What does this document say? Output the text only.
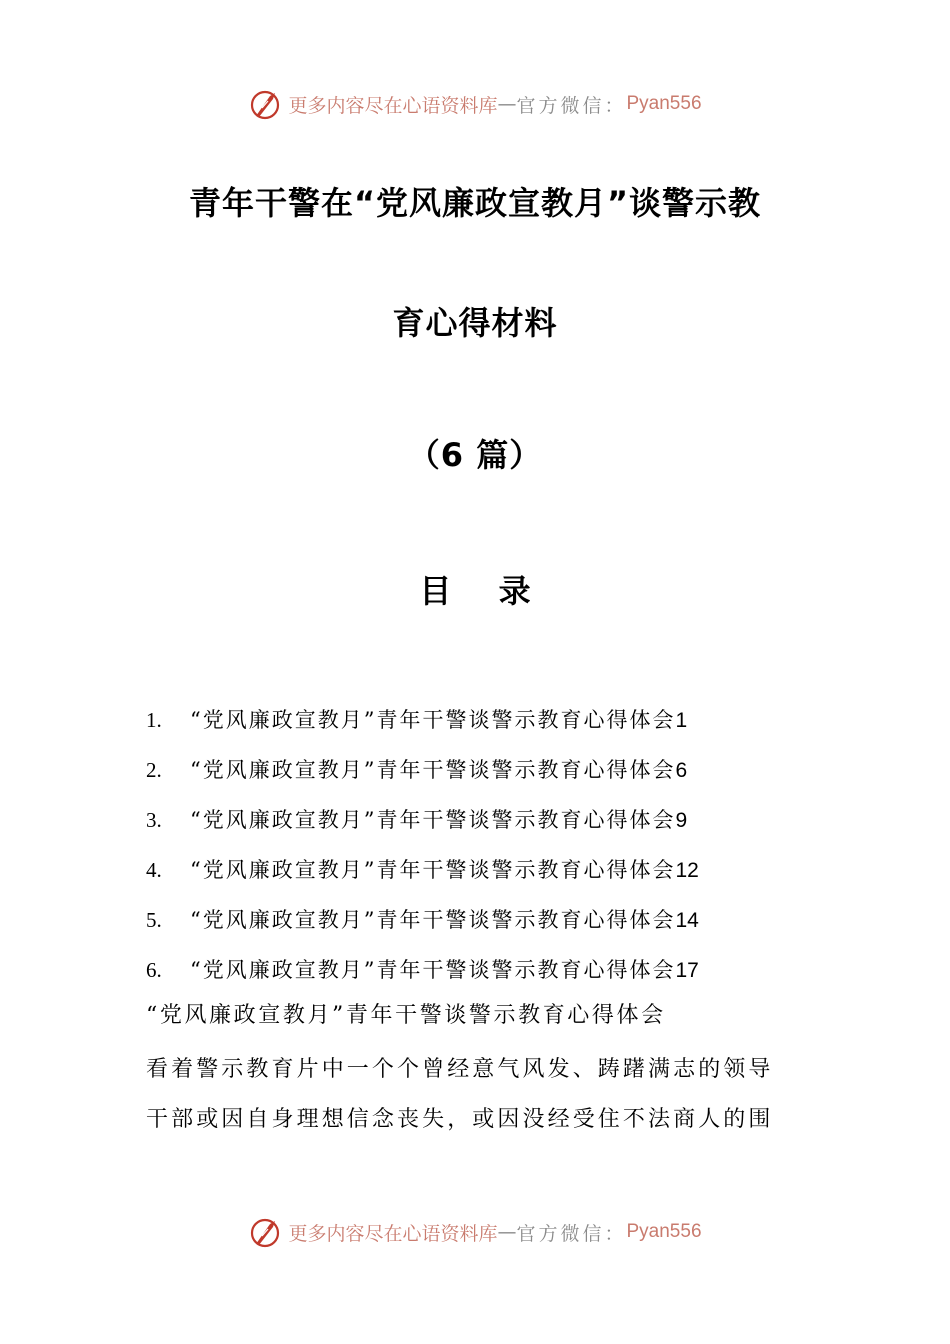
更多内容尽在心语资料库 — 官方微信： Pyan556
青年干警在“党风廉政宣教月”谈警示教
育心得材料
（6 篇）
目 录
1. “党风廉政宣教月”青年干警谈警示教育心得体会1
2. “党风廉政宣教月”青年干警谈警示教育心得体会6
3. “党风廉政宣教月”青年干警谈警示教育心得体会9
4. “党风廉政宣教月”青年干警谈警示教育心得体会12
5. “党风廉政宣教月”青年干警谈警示教育心得体会14
6. “党风廉政宣教月”青年干警谈警示教育心得体会17
“党风廉政宣教月”青年干警谈警示教育心得体会
看着警示教育片中一个个曾经意气风发、踌躇满志的领导
干部或因自身理想信念丧失，或因没经受住不法商人的围
更多内容尽在心语资料库 — 官方微信： Pyan556
